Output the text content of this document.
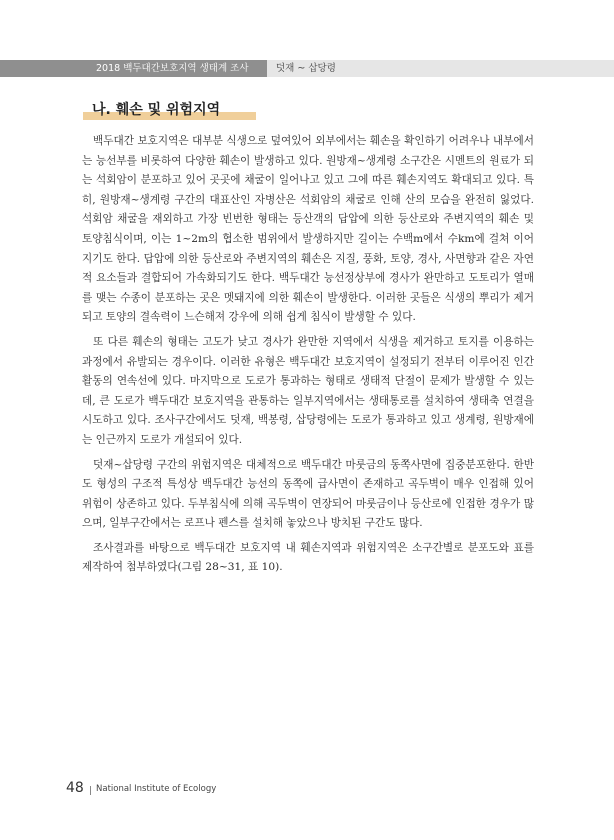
2018 백두대간보호지역 생태계 조사	덧재 ~ 삽당령
나. 훼손 및 위험지역

백두대간 보호지역은 대부분 식생으로 덮여있어 외부에서는 훼손을 확인하기 어려우나 내부에서는 능선부를 비롯하여 다양한 훼손이 발생하고 있다. 원방재~생계령 소구간은 시멘트의 원료가 되는 석회암이 분포하고 있어 곳곳에 채굴이 일어나고 있고 그에 따른 훼손지역도 확대되고 있다. 특히, 원방재~생계령 구간의 대표산인 자병산은 석회암의 채굴로 인해 산의 모습을 완전히 잃었다. 석회암 채굴을 재외하고 가장 빈번한 형태는 등산객의 답압에 의한 등산로와 주변지역의 훼손 및 토양침식이며, 이는 1~2m의 협소한 범위에서 발생하지만 길이는 수백m에서 수km에 걸쳐 이어지기도 한다. 답압에 의한 등산로와 주변지역의 훼손은 지질, 풍화, 토양, 경사, 사면향과 같은 자연적 요소들과 결합되어 가속화되기도 한다. 백두대간 능선정상부에 경사가 완만하고 도토리가 열매를 맺는 수종이 분포하는 곳은 멧돼지에 의한 훼손이 발생한다. 이러한 곳들은 식생의 뿌리가 제거되고 토양의 결속력이 느슨해져 강우에 의해 쉽게 침식이 발생할 수 있다.

또 다른 훼손의 형태는 고도가 낮고 경사가 완만한 지역에서 식생을 제거하고 토지를 이용하는 과정에서 유발되는 경우이다. 이러한 유형은 백두대간 보호지역이 설정되기 전부터 이루어진 인간활동의 연속선에 있다. 마지막으로 도로가 통과하는 형태로 생태적 단절이 문제가 발생할 수 있는데, 큰 도로가 백두대간 보호지역을 관통하는 일부지역에서는 생태통로를 설치하여 생태축 연결을 시도하고 있다. 조사구간에서도 덧재, 백봉령, 삽당령에는 도로가 통과하고 있고 생계령, 원방재에는 인근까지 도로가 개설되어 있다.

덧재~삽당령 구간의 위험지역은 대체적으로 백두대간 마룻금의 동쪽사면에 집중분포한다. 한반도 형성의 구조적 특성상 백두대간 능선의 동쪽에 급사면이 존재하고 곡두벽이 매우 인접해 있어 위험이 상존하고 있다. 두부침식에 의해 곡두벽이 연장되어 마룻금이나 등산로에 인접한 경우가 많으며, 일부구간에서는 로프나 펜스를 설치해 놓았으나 방치된 구간도 많다.

조사결과를 바탕으로 백두대간 보호지역 내 훼손지역과 위험지역은 소구간별로 분포도와 표를 제작하여 첨부하였다(그림 28~31, 표 10).

48 National Institute of Ecology
